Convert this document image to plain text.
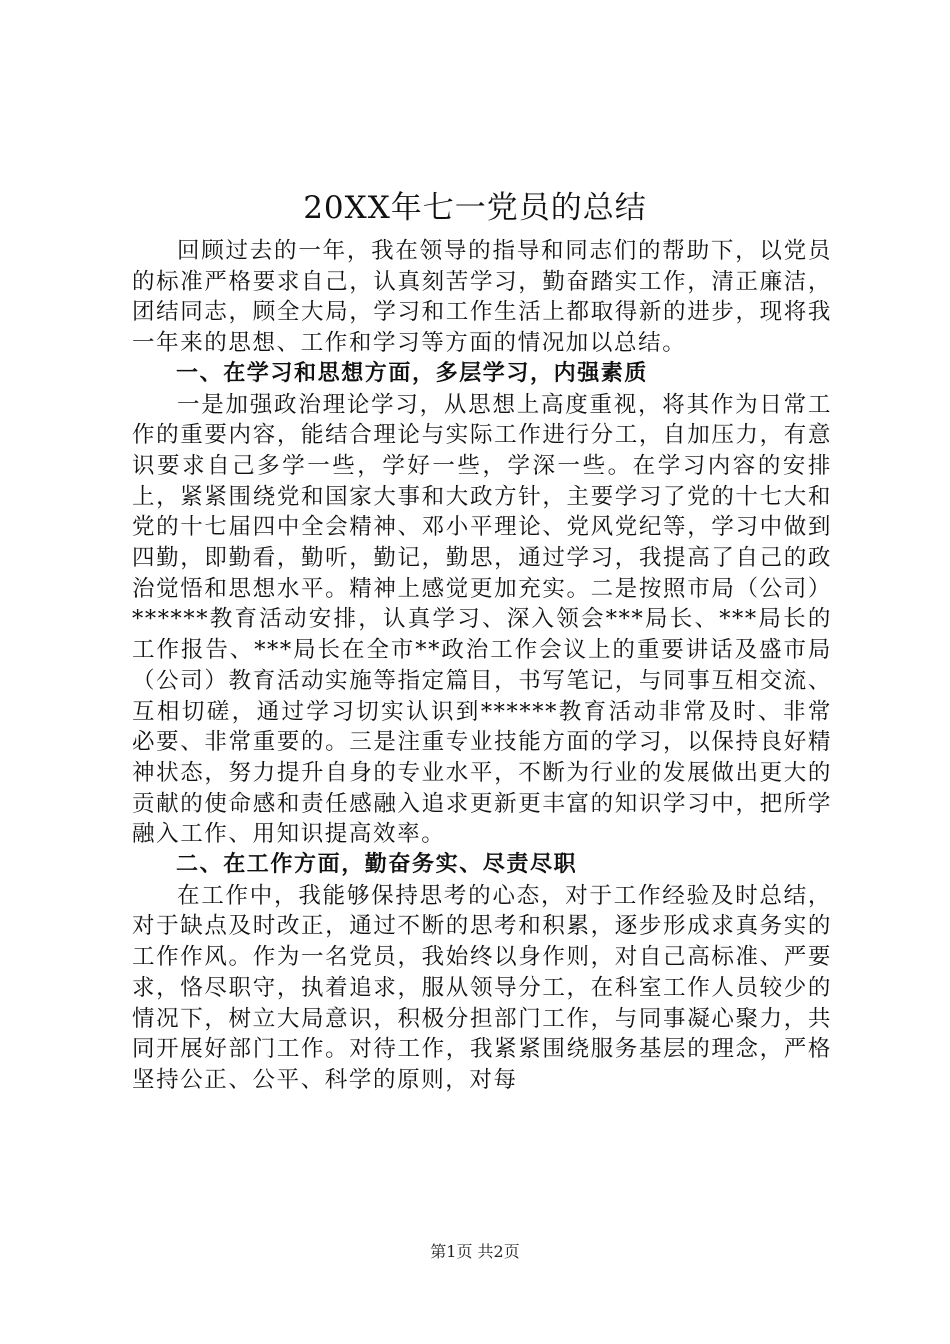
20XX年七一党员的总结

回顾过去的一年，我在领导的指导和同志们的帮助下，以党员的标准严格要求自己，认真刻苦学习，勤奋踏实工作，清正廉洁，团结同志，顾全大局，学习和工作生活上都取得新的进步，现将我一年来的思想、工作和学习等方面的情况加以总结。

一、在学习和思想方面，多层学习，内强素质

一是加强政治理论学习，从思想上高度重视，将其作为日常工作的重要内容，能结合理论与实际工作进行分工，自加压力，有意识要求自己多学一些，学好一些，学深一些。在学习内容的安排上，紧紧围绕党和国家大事和大政方针，主要学习了党的十七大和党的十七届四中全会精神、邓小平理论、党风党纪等，学习中做到四勤，即勤看，勤听，勤记，勤思，通过学习，我提高了自己的政治觉悟和思想水平。精神上感觉更加充实。二是按照市局（公司）******教育活动安排，认真学习、深入领会***局长、***局长的工作报告、***局长在全市**政治工作会议上的重要讲话及盛市局（公司）教育活动实施等指定篇目，书写笔记，与同事互相交流、互相切磋，通过学习切实认识到******教育活动非常及时、非常必要、非常重要的。三是注重专业技能方面的学习，以保持良好精神状态，努力提升自身的专业水平，不断为行业的发展做出更大的贡献的使命感和责任感融入追求更新更丰富的知识学习中，把所学融入工作、用知识提高效率。

二、在工作方面，勤奋务实、尽责尽职

在工作中，我能够保持思考的心态，对于工作经验及时总结，对于缺点及时改正，通过不断的思考和积累，逐步形成求真务实的工作作风。作为一名党员，我始终以身作则，对自己高标准、严要求，恪尽职守，执着追求，服从领导分工，在科室工作人员较少的情况下，树立大局意识，积极分担部门工作，与同事凝心聚力，共同开展好部门工作。对待工作，我紧紧围绕服务基层的理念，严格坚持公正、公平、科学的原则，对每

第1页 共2页
